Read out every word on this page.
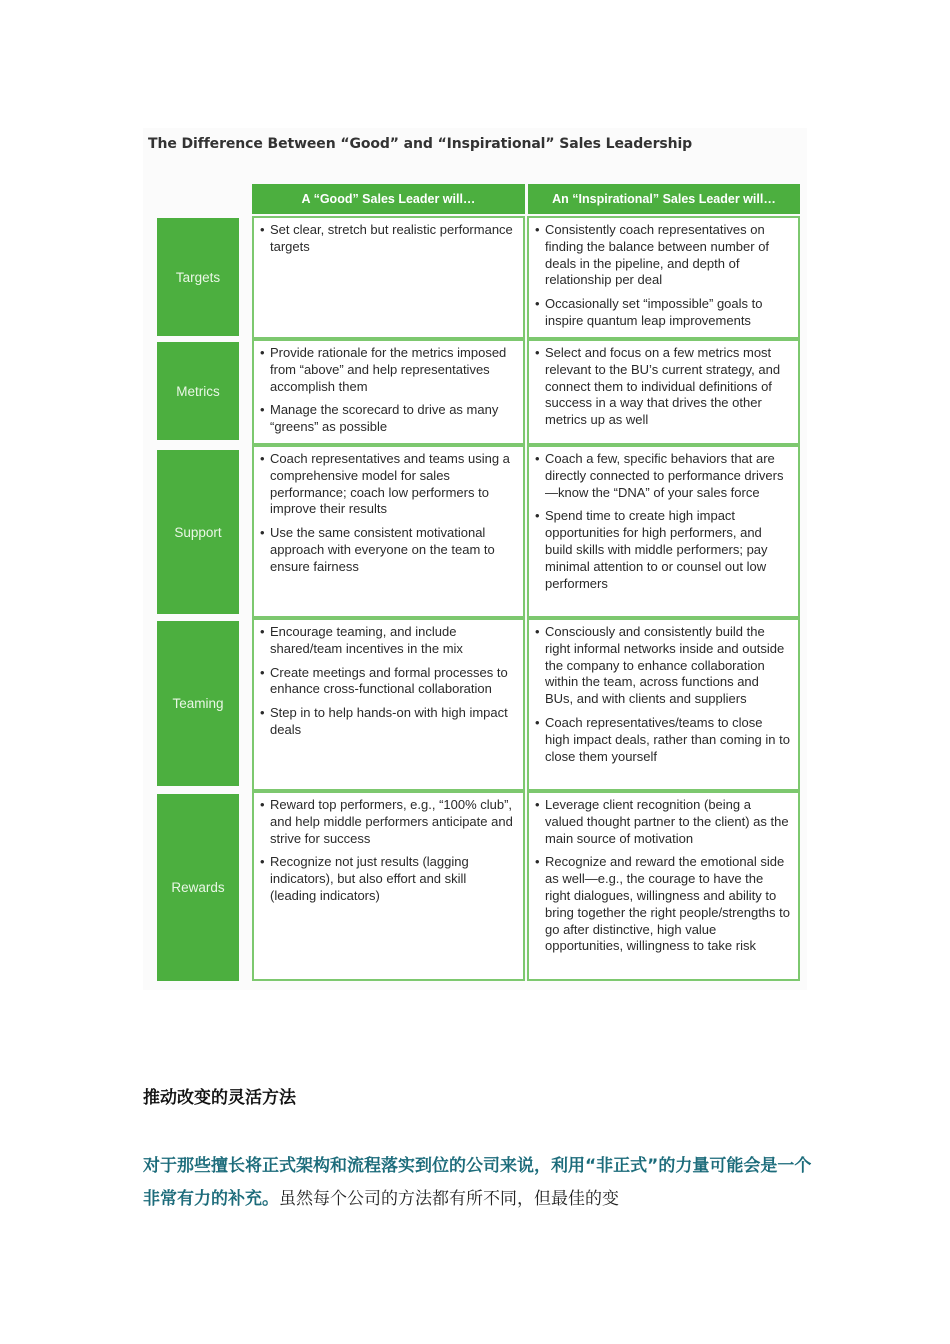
The Difference Between “Good” and “Inspirational” Sales Leadership
A “Good” Sales Leader will…	An “Inspirational” Sales Leader will…
Targets
• Set clear, stretch but realistic performance targets
• Consistently coach representatives on finding the balance between number of deals in the pipeline, and depth of relationship per deal
• Occasionally set “impossible” goals to inspire quantum leap improvements
Metrics
• Provide rationale for the metrics imposed from “above” and help representatives accomplish them
• Manage the scorecard to drive as many “greens” as possible
• Select and focus on a few metrics most relevant to the BU’s current strategy, and connect them to individual definitions of success in a way that drives the other metrics up as well
Support
• Coach representatives and teams using a comprehensive model for sales performance; coach low performers to improve their results
• Use the same consistent motivational approach with everyone on the team to ensure fairness
• Coach a few, specific behaviors that are directly connected to performance drivers—know the “DNA” of your sales force
• Spend time to create high impact opportunities for high performers, and build skills with middle performers; pay minimal attention to or counsel out low performers
Teaming
• Encourage teaming, and include shared/team incentives in the mix
• Create meetings and formal processes to enhance cross-functional collaboration
• Step in to help hands-on with high impact deals
• Consciously and consistently build the right informal networks inside and outside the company to enhance collaboration within the team, across functions and BUs, and with clients and suppliers
• Coach representatives/teams to close high impact deals, rather than coming in to close them yourself
Rewards
• Reward top performers, e.g., “100% club”, and help middle performers anticipate and strive for success
• Recognize not just results (lagging indicators), but also effort and skill (leading indicators)
• Leverage client recognition (being a valued thought partner to the client) as the main source of motivation
• Recognize and reward the emotional side as well—e.g., the courage to have the right dialogues, willingness and ability to bring together the right people/strengths to go after distinctive, high value opportunities, willingness to take risk
推动改变的灵活方法
对于那些擅长将正式架构和流程落实到位的公司来说，利用“非正式”的力量可能会是一个非常有力的补充。虽然每个公司的方法都有所不同，但最佳的变
